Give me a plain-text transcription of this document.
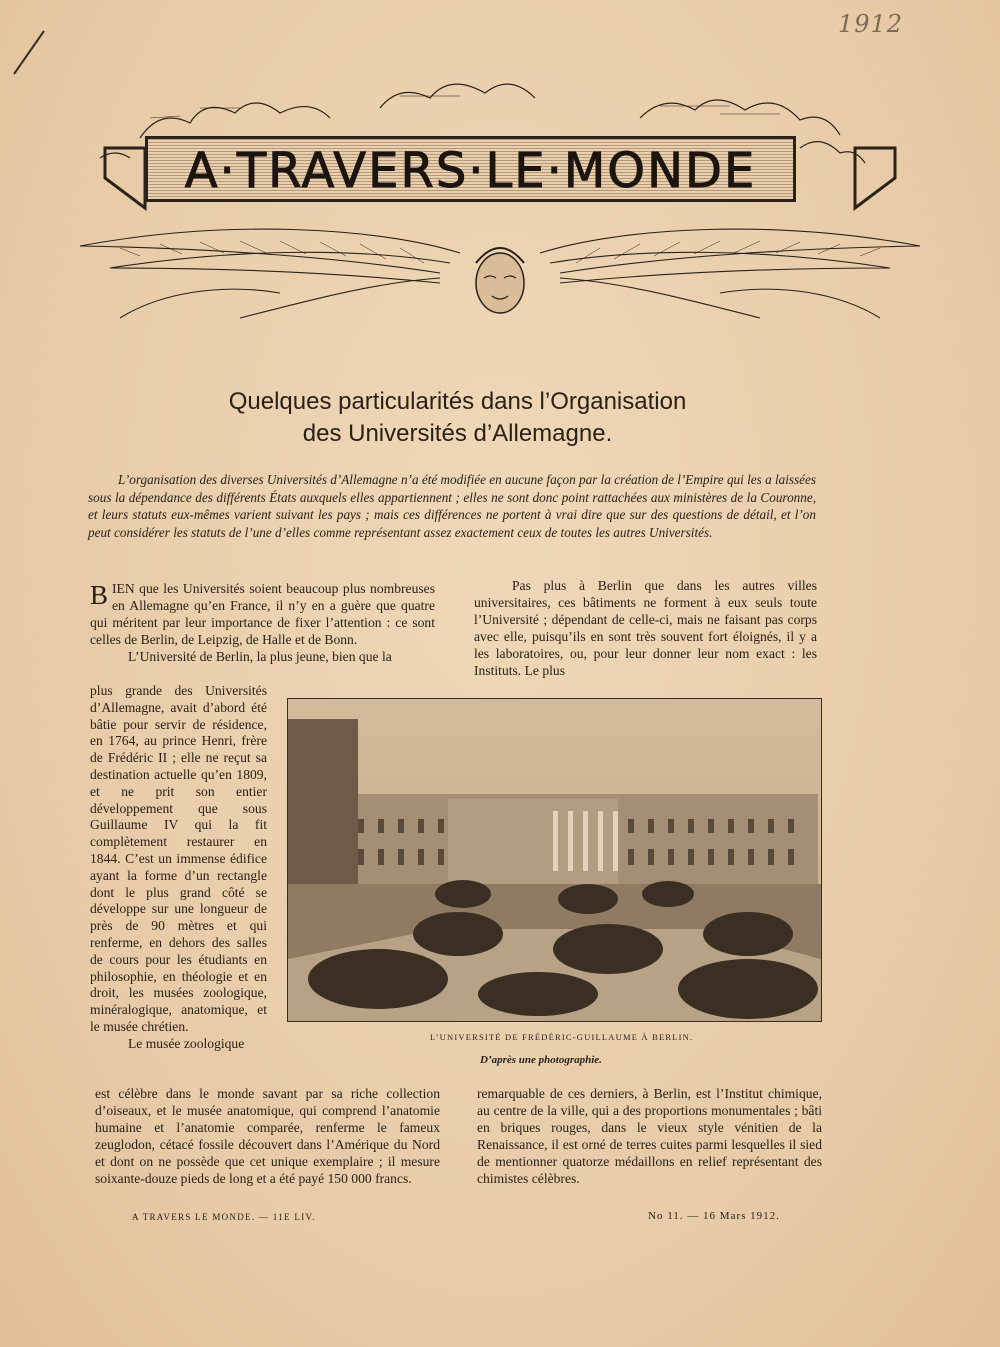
1912
A·TRAVERS·LE·MONDE
Quelques particularités dans l’Organisation
des Universités d’Allemagne.
L’organisation des diverses Universités d’Allemagne n’a été modifiée en aucune façon par la création de l’Empire qui les a laissées sous la dépendance des différents États auxquels elles appartiennent ; elles ne sont donc point rattachées aux ministères de la Couronne, et leurs statuts eux-mêmes varient suivant les pays ; mais ces différences ne portent à vrai dire que sur des questions de détail, et l’on peut considérer les statuts de l’une d’elles comme représentant assez exactement ceux de toutes les autres Universités.

BIEN que les Universités soient beaucoup plus nombreuses en Allemagne qu’en France, il n’y en a guère que quatre qui méritent par leur importance de fixer l’attention : ce sont celles de Berlin, de Leipzig, de Halle et de Bonn.

L’Université de Berlin, la plus jeune, bien que la

plus grande des Universités d’Allemagne, avait d’abord été bâtie pour servir de résidence, en 1764, au prince Henri, frère de Frédéric II ; elle ne reçut sa destination actuelle qu’en 1809, et ne prit son entier développement que sous Guillaume IV qui la fit complètement restaurer en 1844. C’est un immense édifice ayant la forme d’un rectangle dont le plus grand côté se développe sur une longueur de près de 90 mètres et qui renferme, en dehors des salles de cours pour les étudiants en philosophie, en théologie et en droit, les musées zoologique, minéralogique, anatomique, et le musée chrétien.

Le musée zoologique

est célèbre dans le monde savant par sa riche collection d’oiseaux, et le musée anatomique, qui comprend l’anatomie humaine et l’anatomie comparée, renferme le fameux zeuglodon, cétacé fossile découvert dans l’Amérique du Nord et dont on ne possède que cet unique exemplaire ; il mesure soixante-douze pieds de long et a été payé 150 000 francs.

Pas plus à Berlin que dans les autres villes universitaires, ces bâtiments ne forment à eux seuls toute l’Université ; dépendant de celle-ci, mais ne faisant pas corps avec elle, puisqu’ils en sont très souvent fort éloignés, il y a les laboratoires, ou, pour leur donner leur nom exact : les Instituts. Le plus

remarquable de ces derniers, à Berlin, est l’Institut chimique, au centre de la ville, qui a des proportions monumentales ; bâti en briques rouges, dans le vieux style vénitien de la Renaissance, il est orné de terres cuites parmi lesquelles il sied de mentionner quatorze médaillons en relief représentant des chimistes célèbres.
L’UNIVERSITÉ DE FRÉDÉRIC-GUILLAUME À BERLIN.
D’après une photographie.
A TRAVERS LE MONDE. — 11E LIV.	No 11. — 16 Mars 1912.
